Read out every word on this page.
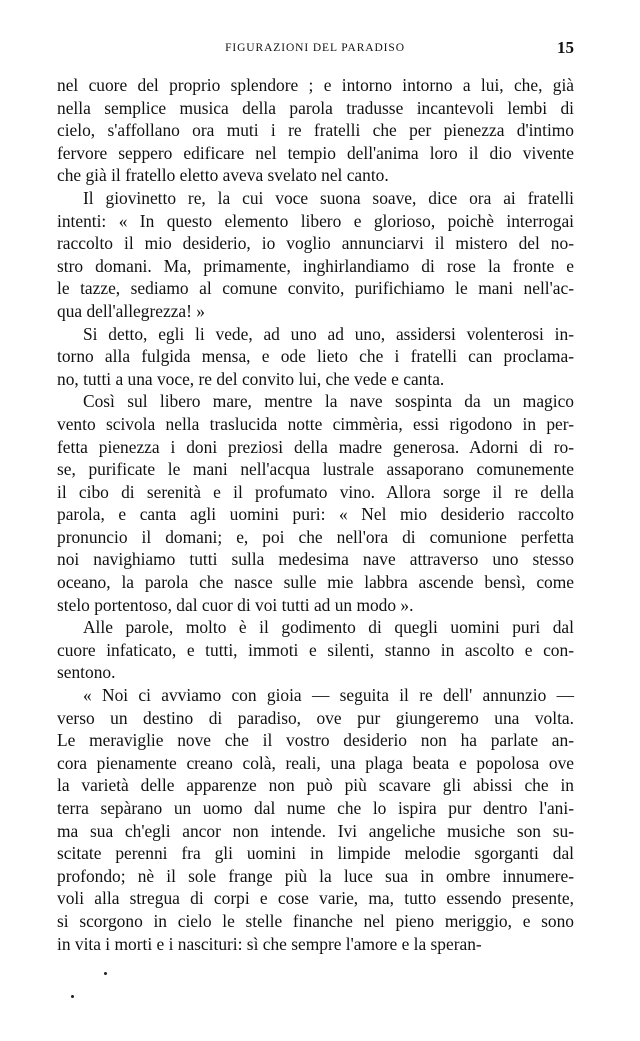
FIGURAZIONI DEL PARADISO	15
nel cuore del proprio splendore ; e intorno intorno a lui, che, già
nella semplice musica della parola tradusse incantevoli lembi di
cielo, s'affollano ora muti i re fratelli che per pienezza d'intimo
fervore seppero edificare nel tempio dell'anima loro il dio vivente
che già il fratello eletto aveva svelato nel canto.
Il giovinetto re, la cui voce suona soave, dice ora ai fratelli
intenti: « In questo elemento libero e glorioso, poichè interrogai
raccolto il mio desiderio, io voglio annunciarvi il mistero del no-
stro domani. Ma, primamente, inghirlandiamo di rose la fronte e
le tazze, sediamo al comune convito, purifichiamo le mani nell'ac-
qua dell'allegrezza! »
Si detto, egli li vede, ad uno ad uno, assidersi volenterosi in-
torno alla fulgida mensa, e ode lieto che i fratelli can proclama-
no, tutti a una voce, re del convito lui, che vede e canta.
Così sul libero mare, mentre la nave sospinta da un magico
vento scivola nella traslucida notte cimmèria, essi rigodono in per-
fetta pienezza i doni preziosi della madre generosa. Adorni di ro-
se, purificate le mani nell'acqua lustrale assaporano comunemente
il cibo di serenità e il profumato vino. Allora sorge il re della
parola, e canta agli uomini puri: « Nel mio desiderio raccolto
pronuncio il domani; e, poi che nell'ora di comunione perfetta
noi navighiamo tutti sulla medesima nave attraverso uno stesso
oceano, la parola che nasce sulle mie labbra ascende bensì, come
stelo portentoso, dal cuor di voi tutti ad un modo ».
Alle parole, molto è il godimento di quegli uomini puri dal
cuore infaticato, e tutti, immoti e silenti, stanno in ascolto e con-
sentono.
« Noi ci avviamo con gioia — seguita il re dell' annunzio —
verso un destino di paradiso, ove pur giungeremo una volta.
Le meraviglie nove che il vostro desiderio non ha parlate an-
cora pienamente creano colà, reali, una plaga beata e popolosa ove
la varietà delle apparenze non può più scavare gli abissi che in
terra sepàrano un uomo dal nume che lo ispira pur dentro l'ani-
ma sua ch'egli ancor non intende. Ivi angeliche musiche son su-
scitate perenni fra gli uomini in limpide melodie sgorganti dal
profondo; nè il sole frange più la luce sua in ombre innumere-
voli alla stregua di corpi e cose varie, ma, tutto essendo presente,
si scorgono in cielo le stelle finanche nel pieno meriggio, e sono
in vita i morti e i nascituri: sì che sempre l'amore e la speran-
